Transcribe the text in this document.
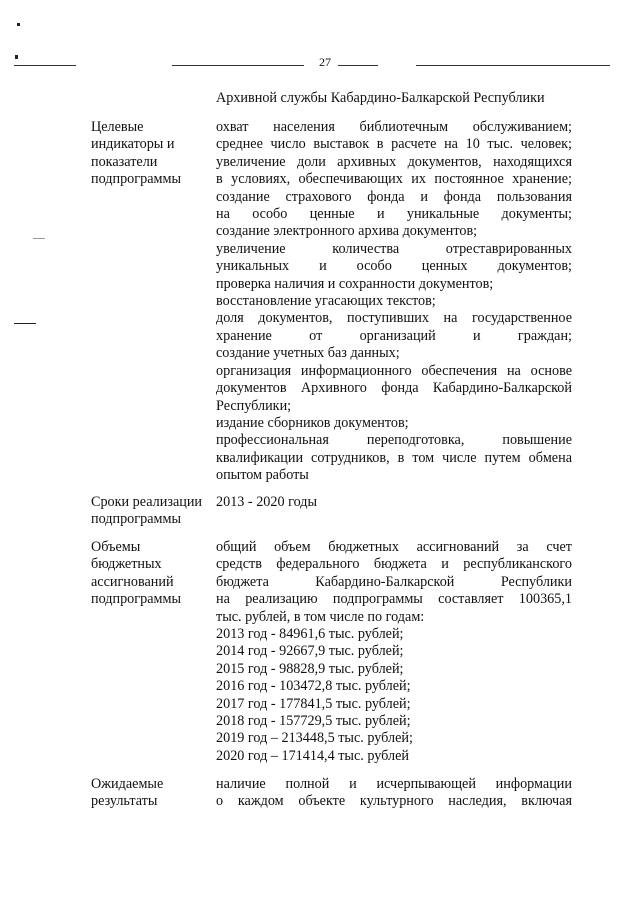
27
Архивной службы Кабардино-Балкарской Республики
Целевые
индикаторы и
показатели
подпрограммы
охват населения библиотечным обслуживанием;
среднее число выставок в расчете на 10 тыс. человек;
увеличение доли архивных документов, находящихся
в условиях, обеспечивающих их постоянное хранение;
создание страхового фонда и фонда пользования
на особо ценные и уникальные документы;
создание электронного архива документов;
увеличение количества отреставрированных
уникальных и особо ценных документов;
проверка наличия и сохранности документов;
восстановление угасающих текстов;
доля документов, поступивших на государственное
хранение от организаций и граждан;
создание учетных баз данных;
организация информационного обеспечения на основе
документов Архивного фонда Кабардино-Балкарской
Республики;
издание сборников документов;
профессиональная переподготовка, повышение
квалификации сотрудников, в том числе путем обмена
опытом работы
Сроки реализации
подпрограммы
2013 - 2020 годы
Объемы
бюджетных
ассигнований
подпрограммы
общий объем бюджетных ассигнований за счет
средств федерального бюджета и республиканского
бюджета Кабардино-Балкарской Республики
на реализацию подпрограммы составляет 100365,1
тыс. рублей, в том числе по годам:
2013 год - 84961,6 тыс. рублей;
2014 год - 92667,9 тыс. рублей;
2015 год - 98828,9 тыс. рублей;
2016 год - 103472,8 тыс. рублей;
2017 год - 177841,5 тыс. рублей;
2018 год - 157729,5 тыс. рублей;
2019 год – 213448,5 тыс. рублей;
2020 год – 171414,4 тыс. рублей
Ожидаемые
результаты
наличие полной и исчерпывающей информации
о каждом объекте культурного наследия, включая
